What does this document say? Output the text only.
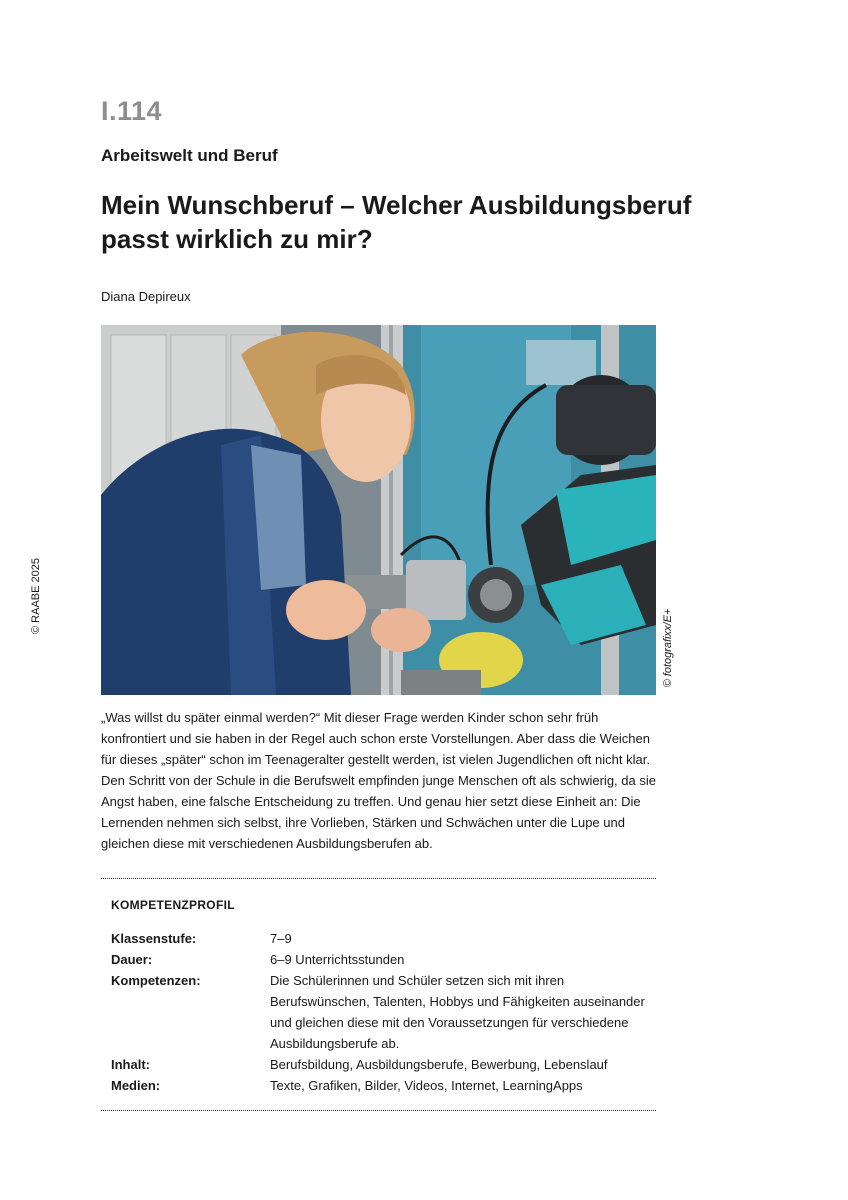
I.114
Arbeitswelt und Beruf
Mein Wunschberuf – Welcher Ausbildungsberuf passt wirklich zu mir?
Diana Depireux
© RAABE 2025
© fotografixx/E+

„Was willst du später einmal werden?“ Mit dieser Frage werden Kinder schon sehr früh konfrontiert und sie haben in der Regel auch schon erste Vorstellungen. Aber dass die Weichen für dieses „später“ schon im Teenageralter gestellt werden, ist vielen Jugendlichen oft nicht klar. Den Schritt von der Schule in die Berufswelt empfinden junge Menschen oft als schwierig, da sie Angst haben, eine falsche Entscheidung zu treffen. Und genau hier setzt diese Einheit an: Die Lernenden nehmen sich selbst, ihre Vorlieben, Stärken und Schwächen unter die Lupe und gleichen diese mit verschiedenen Ausbildungsberufen ab.

KOMPETENZPROFIL
Klassenstufe:	7–9
Dauer:	6–9 Unterrichtsstunden
Kompetenzen:	Die Schülerinnen und Schüler setzen sich mit ihren Berufswünschen, Talenten, Hobbys und Fähigkeiten auseinander und gleichen diese mit den Voraussetzungen für verschiedene Ausbildungsberufe ab.
Inhalt:	Berufsbildung, Ausbildungsberufe, Bewerbung, Lebenslauf
Medien:	Texte, Grafiken, Bilder, Videos, Internet, LearningApps
